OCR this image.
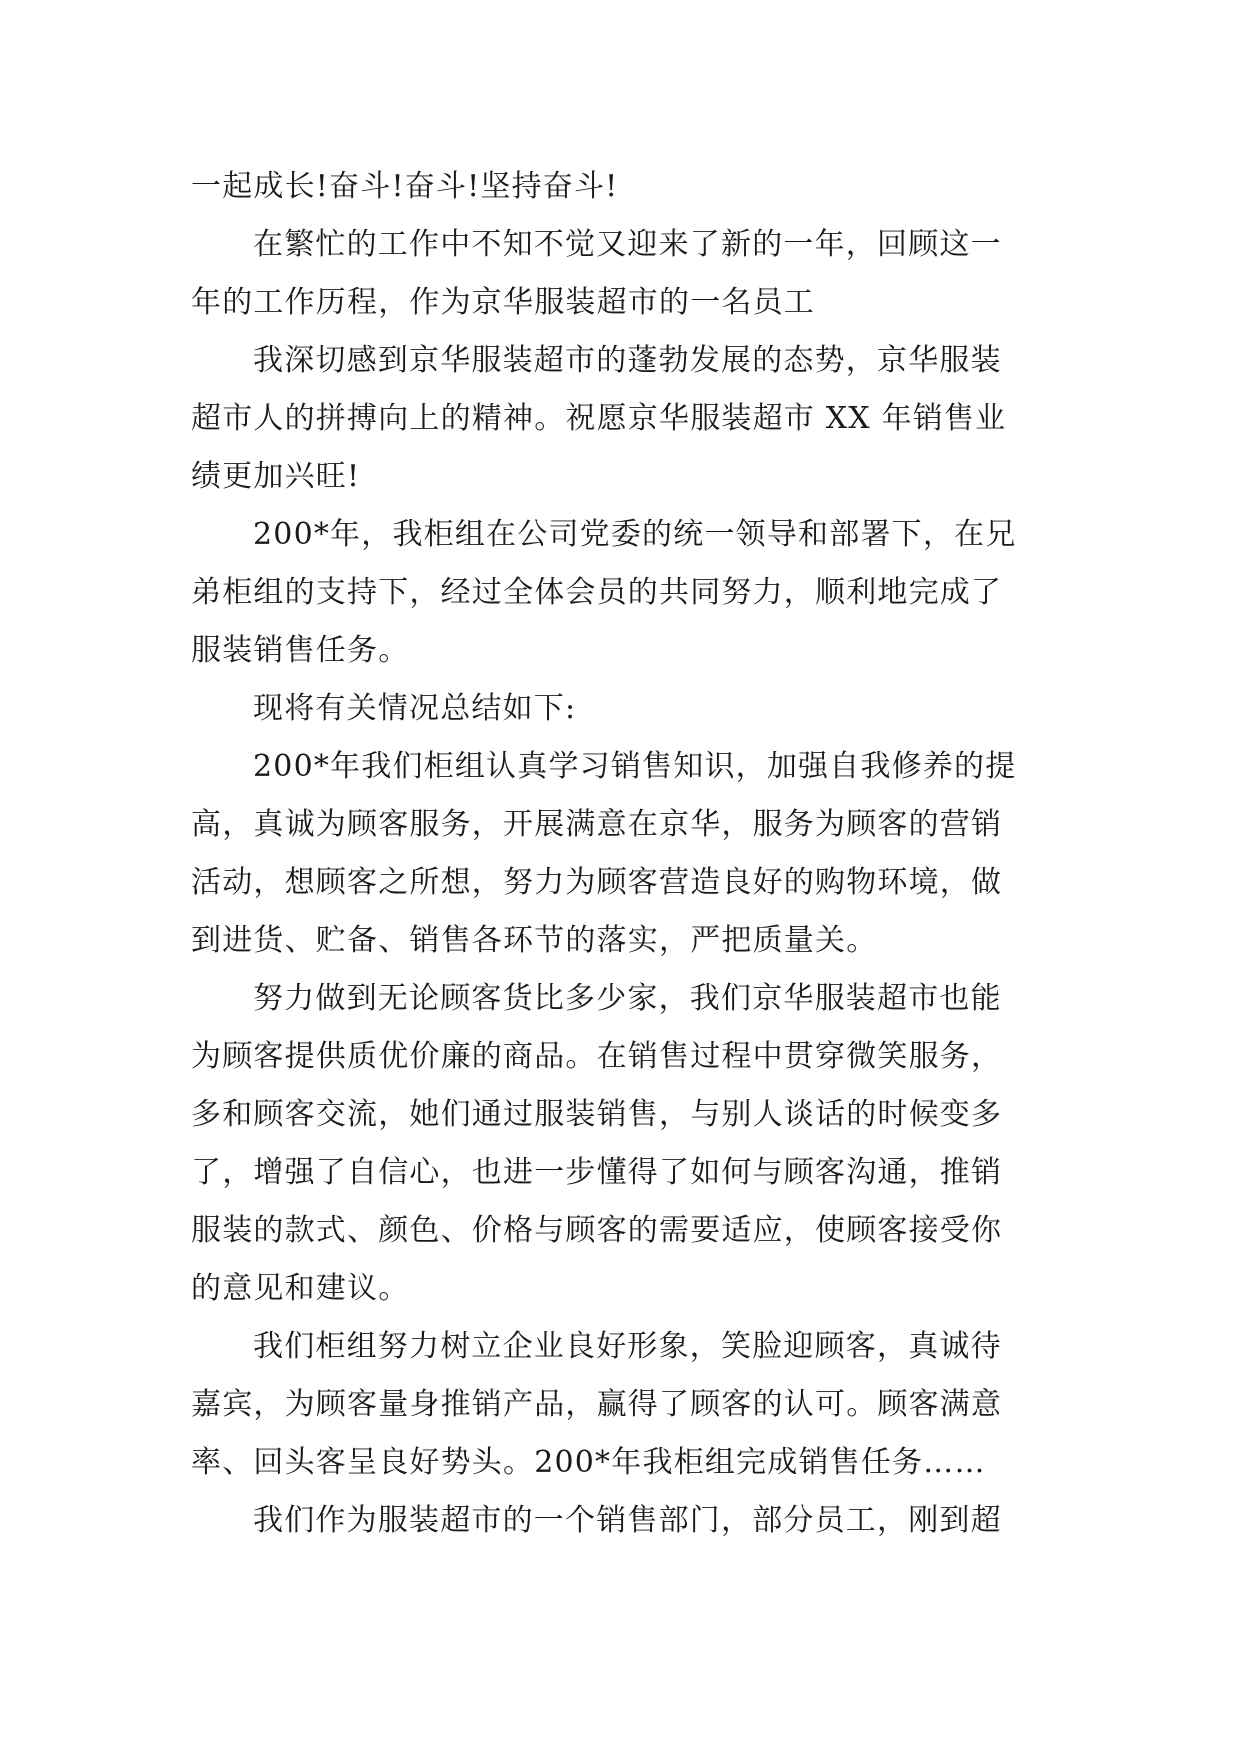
一起成长!奋斗!奋斗!坚持奋斗!
在繁忙的工作中不知不觉又迎来了新的一年，回顾这一
年的工作历程，作为京华服装超市的一名员工
我深切感到京华服装超市的蓬勃发展的态势，京华服装
超市人的拼搏向上的精神。祝愿京华服装超市 XX 年销售业
绩更加兴旺!
200*年，我柜组在公司党委的统一领导和部署下，在兄
弟柜组的支持下，经过全体会员的共同努力，顺利地完成了
服装销售任务。
现将有关情况总结如下:
200*年我们柜组认真学习销售知识，加强自我修养的提
高，真诚为顾客服务，开展满意在京华，服务为顾客的营销
活动，想顾客之所想，努力为顾客营造良好的购物环境，做
到进货、贮备、销售各环节的落实，严把质量关。
努力做到无论顾客货比多少家，我们京华服装超市也能
为顾客提供质优价廉的商品。在销售过程中贯穿微笑服务，
多和顾客交流，她们通过服装销售，与别人谈话的时候变多
了，增强了自信心，也进一步懂得了如何与顾客沟通，推销
服装的款式、颜色、价格与顾客的需要适应，使顾客接受你
的意见和建议。
我们柜组努力树立企业良好形象，笑脸迎顾客，真诚待
嘉宾，为顾客量身推销产品，赢得了顾客的认可。顾客满意
率、回头客呈良好势头。200*年我柜组完成销售任务……
我们作为服装超市的一个销售部门，部分员工，刚到超
